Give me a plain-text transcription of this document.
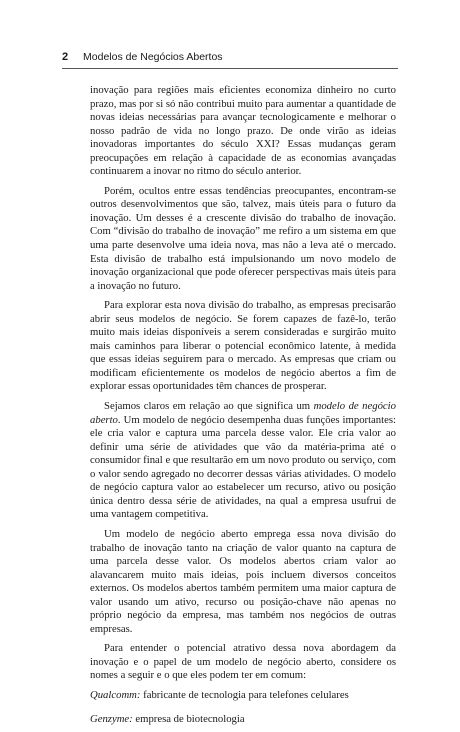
2 Modelos de Negócios Abertos

inovação para regiões mais eficientes economiza dinheiro no curto prazo, mas por si só não contribui muito para aumentar a quantidade de novas ideias necessárias para avançar tecnologicamente e melhorar o nosso padrão de vida no longo prazo. De onde virão as ideias inovadoras importantes do século XXI? Essas mudanças geram preocupações em relação à capacidade de as economias avançadas continuarem a inovar no ritmo do século anterior.

Porém, ocultos entre essas tendências preocupantes, encontram-se outros desenvolvimentos que são, talvez, mais úteis para o futuro da inovação. Um desses é a crescente divisão do trabalho de inovação. Com “divisão do trabalho de inovação” me refiro a um sistema em que uma parte desenvolve uma ideia nova, mas não a leva até o mercado. Esta divisão de trabalho está impulsionando um novo modelo de inovação organizacional que pode oferecer perspectivas mais úteis para a inovação no futuro.

Para explorar esta nova divisão do trabalho, as empresas precisarão abrir seus modelos de negócio. Se forem capazes de fazê-lo, terão muito mais ideias disponíveis a serem consideradas e surgirão muito mais caminhos para liberar o potencial econômico latente, à medida que essas ideias seguirem para o mercado. As empresas que criam ou modificam eficientemente os modelos de negócio abertos a fim de explorar essas oportunidades têm chances de prosperar.

Sejamos claros em relação ao que significa um modelo de negócio aberto. Um modelo de negócio desempenha duas funções importantes: ele cria valor e captura uma parcela desse valor. Ele cria valor ao definir uma série de atividades que vão da matéria-prima até o consumidor final e que resultarão em um novo produto ou serviço, com o valor sendo agregado no decorrer dessas várias atividades. O modelo de negócio captura valor ao estabelecer um recurso, ativo ou posição única dentro dessa série de atividades, na qual a empresa usufrui de uma vantagem competitiva.

Um modelo de negócio aberto emprega essa nova divisão do trabalho de inovação tanto na criação de valor quanto na captura de uma parcela desse valor. Os modelos abertos criam valor ao alavancarem muito mais ideias, pois incluem diversos conceitos externos. Os modelos abertos também permitem uma maior captura de valor usando um ativo, recurso ou posição-chave não apenas no próprio negócio da empresa, mas também nos negócios de outras empresas.

Para entender o potencial atrativo dessa nova abordagem da inovação e o papel de um modelo de negócio aberto, considere os nomes a seguir e o que eles podem ter em comum:

Qualcomm: fabricante de tecnologia para telefones celulares

Genzyme: empresa de biotecnologia
